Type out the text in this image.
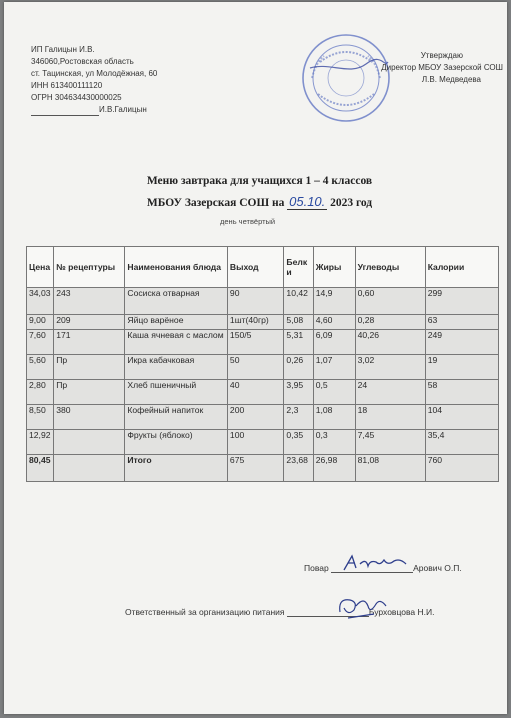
ИП Галицын И.В.
346060,Ростовская область
ст. Тацинская, ул Молодёжная, 60
ИНН 613400111120
ОГРН 304634430000025
И.В.Галицын
Утверждаю
Директор МБОУ Зазерской СОШ
Л.В. Медведева
Меню завтрака для учащихся 1 – 4 классов
МБОУ Зазерская СОШ на 05.10. 2023 год
день четвёртый
Цена	№ рецептуры	Наименования блюда	Выход	Белки	Жиры	Углеводы	Калории
34,03	243	Сосиска отварная	90	10,42	14,9	0,60	299
9,00	209	Яйцо варёное	1шт(40гр)	5,08	4,60	0,28	63
7,60	171	Каша ячневая с маслом	150/5	5,31	6,09	40,26	249
5,60	Пр	Икра кабачковая	50	0,26	1,07	3,02	19
2,80	Пр	Хлеб пшеничный	40	3,95	0,5	24	58
8,50	380	Кофейный напиток	200	2,3	1,08	18	104
12,92		Фрукты (яблоко)	100	0,35	0,3	7,45	35,4
80,45		Итого	675	23,68	26,98	81,08	760
Повар	Арович О.П.
Ответственный за организацию питания	Бурховцова Н.И.
